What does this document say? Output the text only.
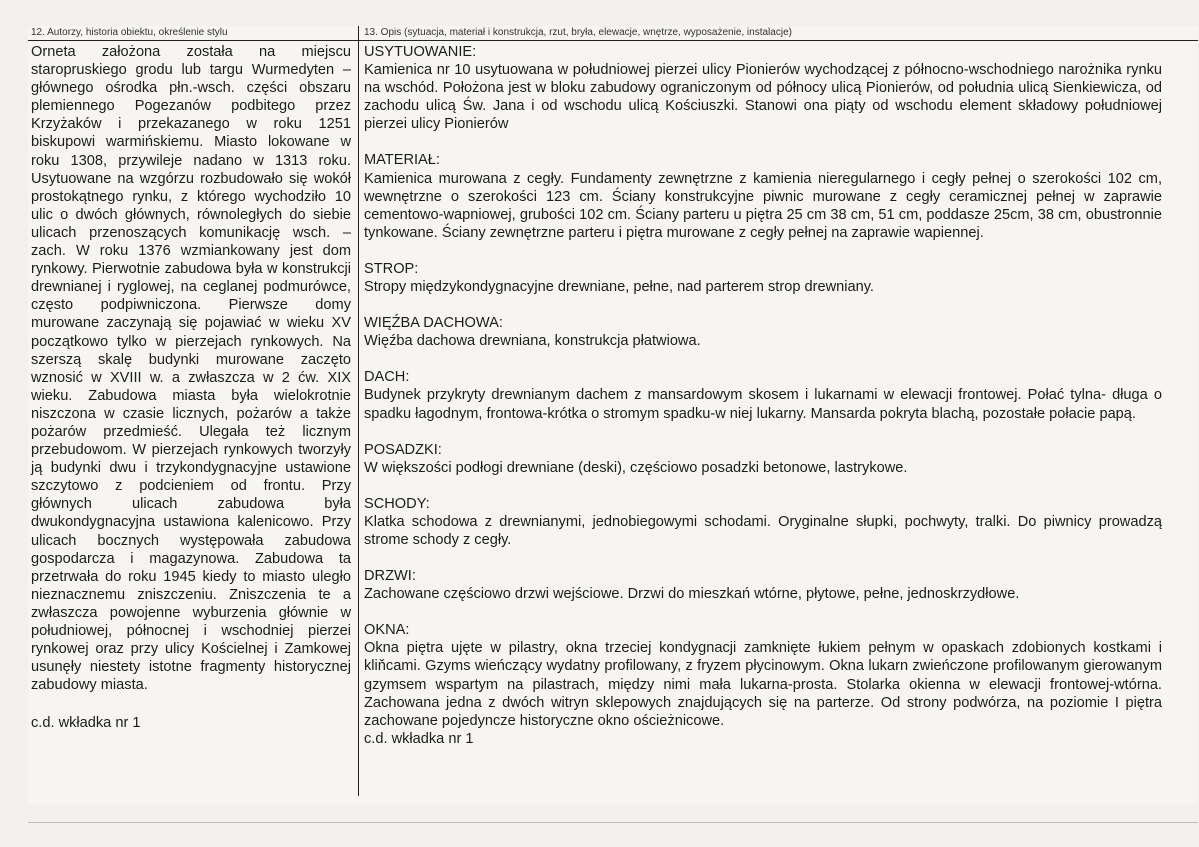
12. Autorzy, historia obiektu, określenie stylu	13. Opis (sytuacja, materiał i konstrukcja, rzut, bryła, elewacje, wnętrze, wyposażenie, instalacje)

Orneta założona została na miejscu staropruskiego grodu lub targu Wurmedyten – głównego ośrodka płn.-wsch. części obszaru plemiennego Pogezanów podbitego przez Krzyżaków i przekazanego w roku 1251 biskupowi warmińskiemu. Miasto lokowane w roku 1308, przywileje nadano w 1313 roku. Usytuowane na wzgórzu rozbudowało się wokół prostokątnego rynku, z którego wychodziło 10 ulic o dwóch głównych, równoległych do siebie ulicach przenoszących komunikację wsch. – zach. W roku 1376 wzmiankowany jest dom rynkowy. Pierwotnie zabudowa była w konstrukcji drewnianej i ryglowej, na ceglanej podmurówce, często podpiwniczona. Pierwsze domy murowane zaczynają się pojawiać w wieku XV początkowo tylko w pierzejach rynkowych. Na szerszą skalę budynki murowane zaczęto wznosić w XVIII w. a zwłaszcza w 2 ćw. XIX wieku. Zabudowa miasta była wielokrotnie niszczona w czasie licznych, pożarów a także pożarów przedmieść. Ulegała też licznym przebudowom. W pierzejach rynkowych tworzyły ją budynki dwu i trzykondygnacyjne ustawione szczytowo z podcieniem od frontu. Przy głównych ulicach zabudowa była dwukondygnacyjna ustawiona kalenicowo. Przy ulicach bocznych występowała zabudowa gospodarcza i magazynowa. Zabudowa ta przetrwała do roku 1945 kiedy to miasto uległo nieznacznemu zniszczeniu. Zniszczenia te a zwłaszcza powojenne wyburzenia głównie w południowej, północnej i wschodniej pierzei rynkowej oraz przy ulicy Kościelnej i Zamkowej usunęły niestety istotne fragmenty historycznej zabudowy miasta.

c.d. wkładka nr 1

USYTUOWANIE:

Kamienica nr 10 usytuowana w południowej pierzei ulicy Pionierów wychodzącej z północno-wschodniego narożnika rynku na wschód. Położona jest w bloku zabudowy ograniczonym od północy ulicą Pionierów, od południa ulicą Sienkiewicza, od zachodu ulicą Św. Jana i od wschodu ulicą Kościuszki. Stanowi ona piąty od wschodu element składowy południowej pierzei ulicy Pionierów

MATERIAŁ:

Kamienica murowana z cegły. Fundamenty zewnętrzne z kamienia nieregularnego i cegły pełnej o szerokości 102 cm, wewnętrzne o szerokości 123 cm. Ściany konstrukcyjne piwnic murowane z cegły ceramicznej pełnej w zaprawie cementowo-wapniowej, grubości 102 cm. Ściany parteru u piętra 25 cm 38 cm, 51 cm, poddasze 25cm, 38 cm, obustronnie tynkowane. Ściany zewnętrzne parteru i piętra murowane z cegły pełnej na zaprawie wapiennej.

STROP:

Stropy międzykondygnacyjne drewniane, pełne, nad parterem strop drewniany.

WIĘŹBA DACHOWA:

Więźba dachowa drewniana, konstrukcja płatwiowa.

DACH:

Budynek przykryty drewnianym dachem z mansardowym skosem i lukarnami w elewacji frontowej. Połać tylna- długa o spadku łagodnym, frontowa-krótka o stromym spadku-w niej lukarny. Mansarda pokryta blachą, pozostałe połacie papą.

POSADZKI:

W większości podłogi drewniane (deski), częściowo posadzki betonowe, lastrykowe.

SCHODY:

Klatka schodowa z drewnianymi, jednobiegowymi schodami. Oryginalne słupki, pochwyty, tralki. Do piwnicy prowadzą strome schody z cegły.

DRZWI:

Zachowane częściowo drzwi wejściowe. Drzwi do mieszkań wtórne, płytowe, pełne, jednoskrzydłowe.

OKNA:

Okna piętra ujęte w pilastry, okna trzeciej kondygnacji zamknięte łukiem pełnym w opaskach zdobionych kostkami i kliňcami. Gzyms wieńczący wydatny profilowany, z fryzem płycinowym. Okna lukarn zwieńczone profilowanym gierowanym gzymsem wspartym na pilastrach, między nimi mała lukarna-prosta. Stolarka okienna w elewacji frontowej-wtórna. Zachowana jedna z dwóch witryn sklepowych znajdujących się na parterze. Od strony podwórza, na poziomie I piętra zachowane pojedyncze historyczne okno ościeżnicowe.

c.d. wkładka nr 1
